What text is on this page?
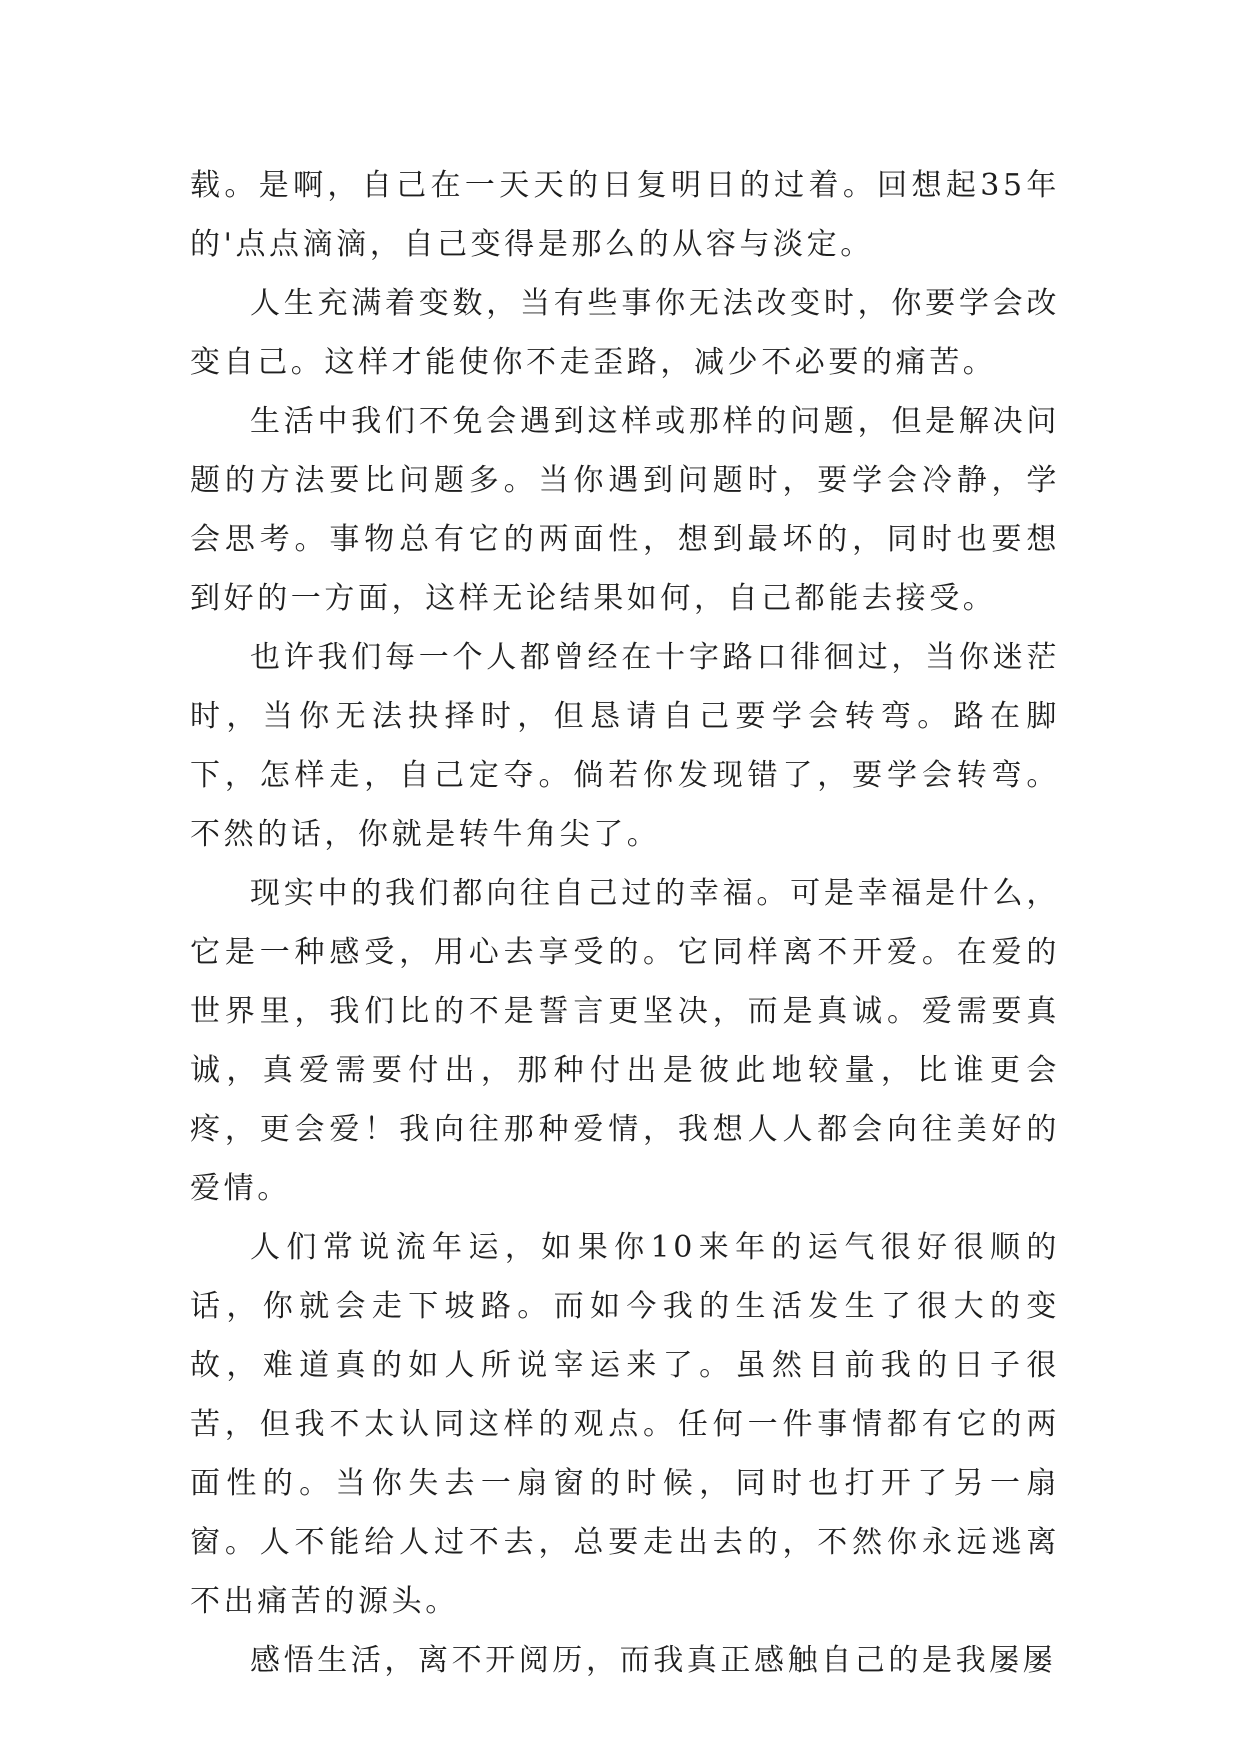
载。是啊，自己在一天天的日复明日的过着。回想起35年的'点点滴滴，自己变得是那么的从容与淡定。

人生充满着变数，当有些事你无法改变时，你要学会改变自己。这样才能使你不走歪路，减少不必要的痛苦。

生活中我们不免会遇到这样或那样的问题，但是解决问题的方法要比问题多。当你遇到问题时，要学会冷静，学会思考。事物总有它的两面性，想到最坏的，同时也要想到好的一方面，这样无论结果如何，自己都能去接受。

也许我们每一个人都曾经在十字路口徘徊过，当你迷茫时，当你无法抉择时，但恳请自己要学会转弯。路在脚下，怎样走，自己定夺。倘若你发现错了，要学会转弯。不然的话，你就是转牛角尖了。

现实中的我们都向往自己过的幸福。可是幸福是什么，它是一种感受，用心去享受的。它同样离不开爱。在爱的世界里，我们比的不是誓言更坚决，而是真诚。爱需要真诚，真爱需要付出，那种付出是彼此地较量，比谁更会疼，更会爱！我向往那种爱情，我想人人都会向往美好的爱情。

人们常说流年运，如果你10来年的运气很好很顺的话，你就会走下坡路。而如今我的生活发生了很大的变故，难道真的如人所说宰运来了。虽然目前我的日子很苦，但我不太认同这样的观点。任何一件事情都有它的两面性的。当你失去一扇窗的时候，同时也打开了另一扇窗。人不能给人过不去，总要走出去的，不然你永远逃离不出痛苦的源头。

感悟生活，离不开阅历，而我真正感触自己的是我屡屡
